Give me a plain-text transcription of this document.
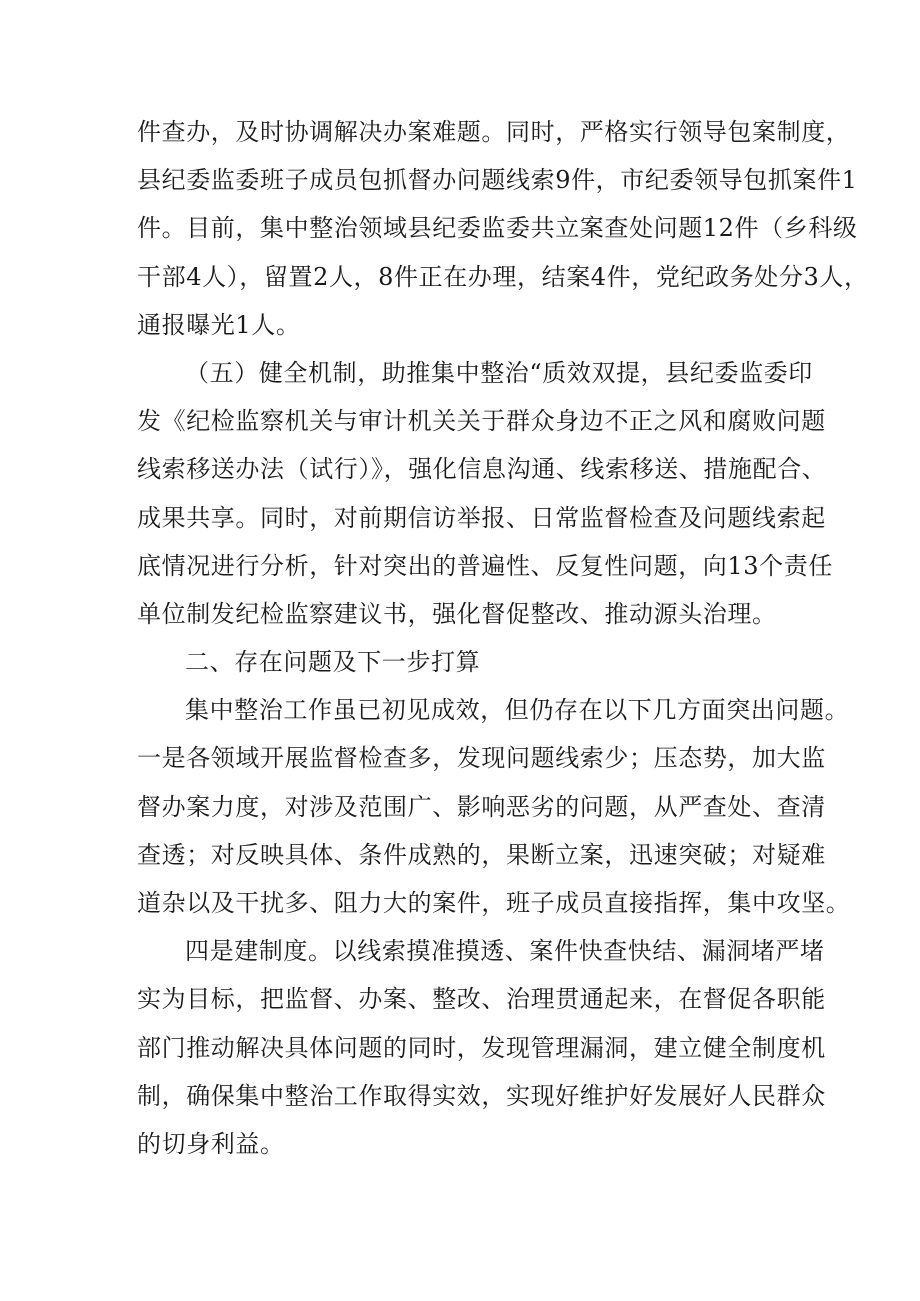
件查办，及时协调解决办案难题。同时，严格实行领导包案制度，
县纪委监委班子成员包抓督办问题线索9件，市纪委领导包抓案件1
件。目前，集中整治领域县纪委监委共立案查处问题12件（乡科级
干部4人），留置2人，8件正在办理，结案4件，党纪政务处分3人，
通报曝光1人。
（五）健全机制，助推集中整治“质效双提，县纪委监委印
发《纪检监察机关与审计机关关于群众身边不正之风和腐败问题
线索移送办法（试行）》，强化信息沟通、线索移送、措施配合、
成果共享。同时，对前期信访举报、日常监督检查及问题线索起
底情况进行分析，针对突出的普遍性、反复性问题，向13个责任
单位制发纪检监察建议书，强化督促整改、推动源头治理。
二、存在问题及下一步打算
集中整治工作虽已初见成效，但仍存在以下几方面突出问题。
一是各领域开展监督检查多，发现问题线索少；压态势，加大监
督办案力度，对涉及范围广、影响恶劣的问题，从严查处、查清
查透；对反映具体、条件成熟的，果断立案，迅速突破；对疑难
道杂以及干扰多、阻力大的案件，班子成员直接指挥，集中攻坚。
四是建制度。以线索摸准摸透、案件快查快结、漏洞堵严堵
实为目标，把监督、办案、整改、治理贯通起来，在督促各职能
部门推动解决具体问题的同时，发现管理漏洞，建立健全制度机
制，确保集中整治工作取得实效，实现好维护好发展好人民群众
的切身利益。
